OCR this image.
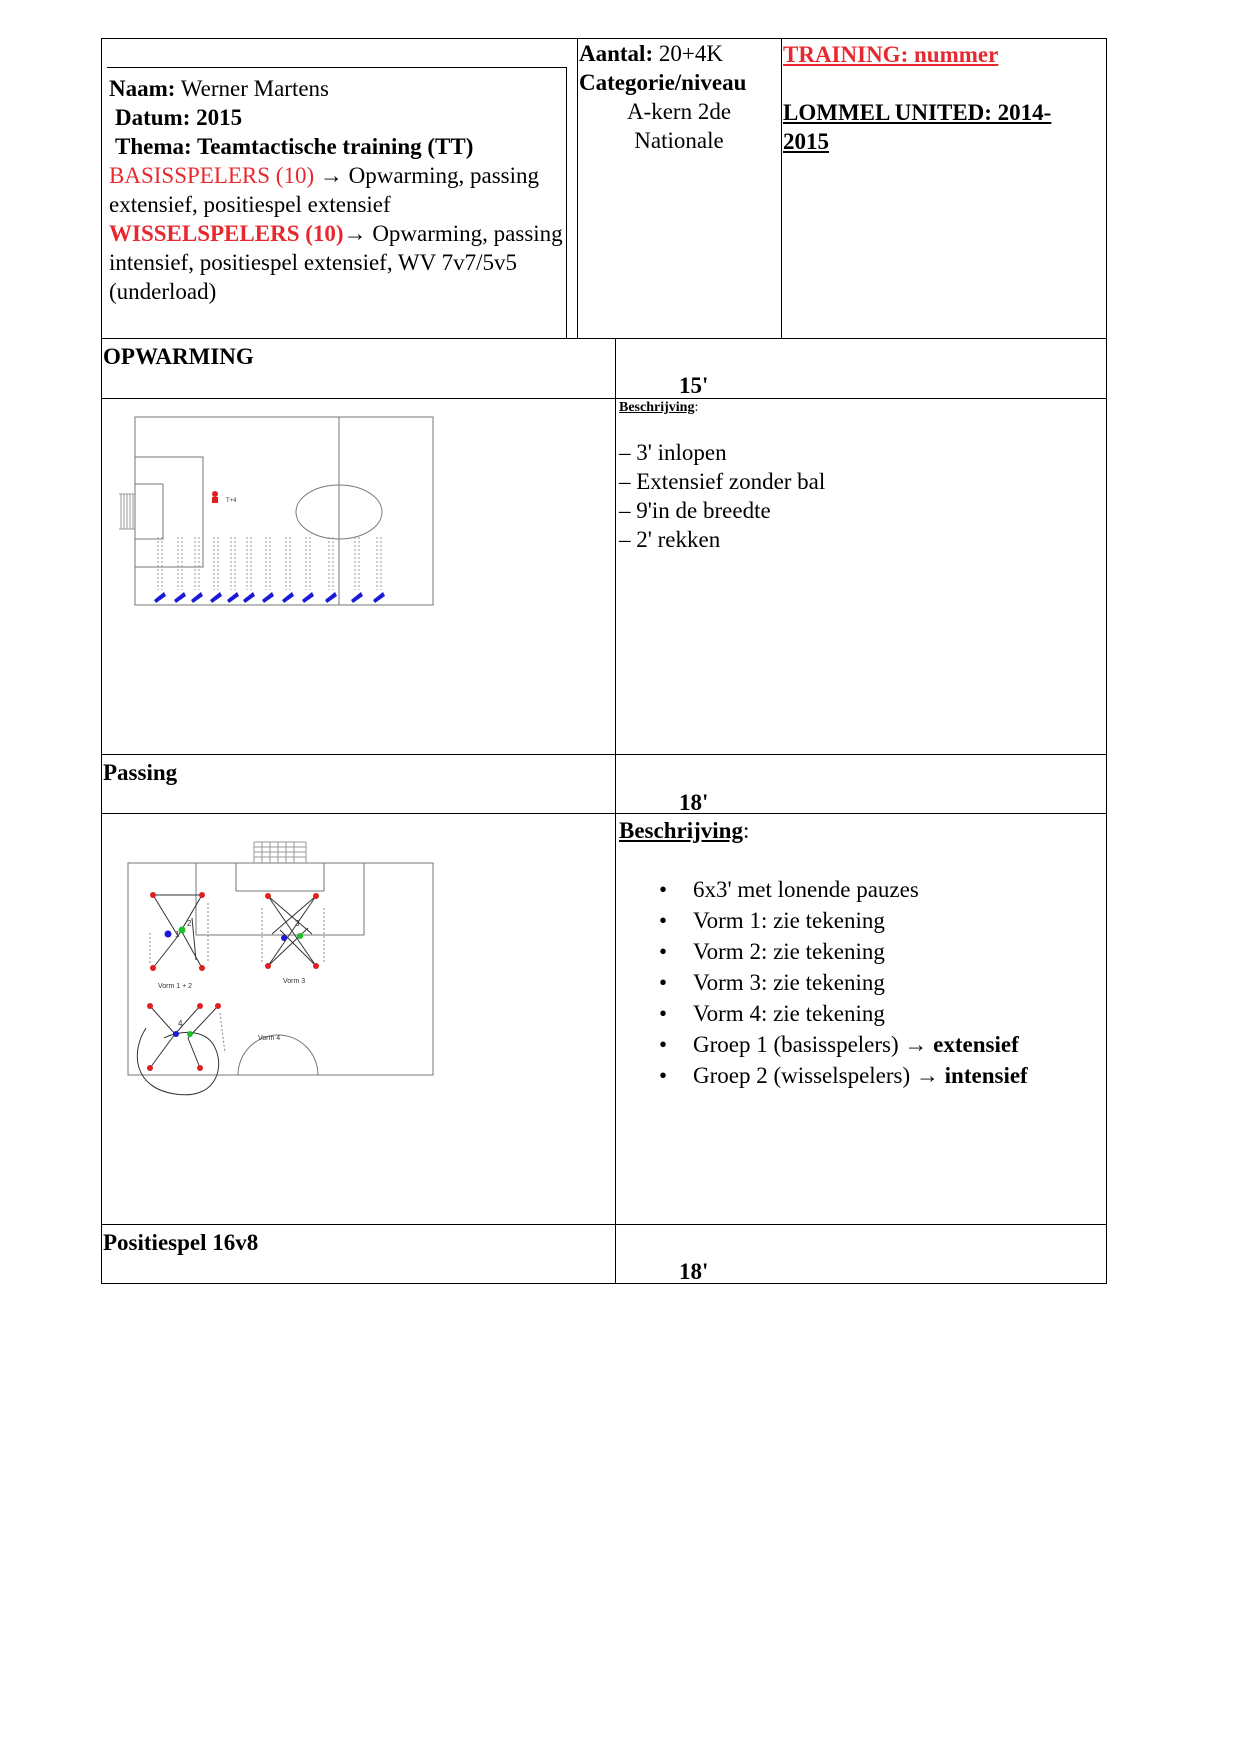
Naam: Werner Martens
Datum: 2015
Thema: Teamtactische training (TT)
BASISSPELERS (10) → Opwarming, passing extensief, positiespel extensief
WISSELSPELERS (10)→ Opwarming, passing intensief, positiespel extensief, WV 7v7/5v5 (underload)
Aantal: 20+4K
Categorie/niveau
A-kern 2de
Nationale
TRAINING: nummer
LOMMEL UNITED: 2014-2015
OPWARMING
15'
Beschrijving:
– 3' inlopen
– Extensief zonder bal
– 9'in de breedte
– 2' rekken
T+4
Passing
18'
Beschrijving:
• 6x3' met lonende pauzes
• Vorm 1: zie tekening
• Vorm 2: zie tekening
• Vorm 3: zie tekening
• Vorm 4: zie tekening
• Groep 1 (basisspelers) → extensief
• Groep 2 (wisselspelers) → intensief
1
2	3
4
Vorm 1 + 2
Vorm 3
Vorm 4
Positiespel 16v8
18'
